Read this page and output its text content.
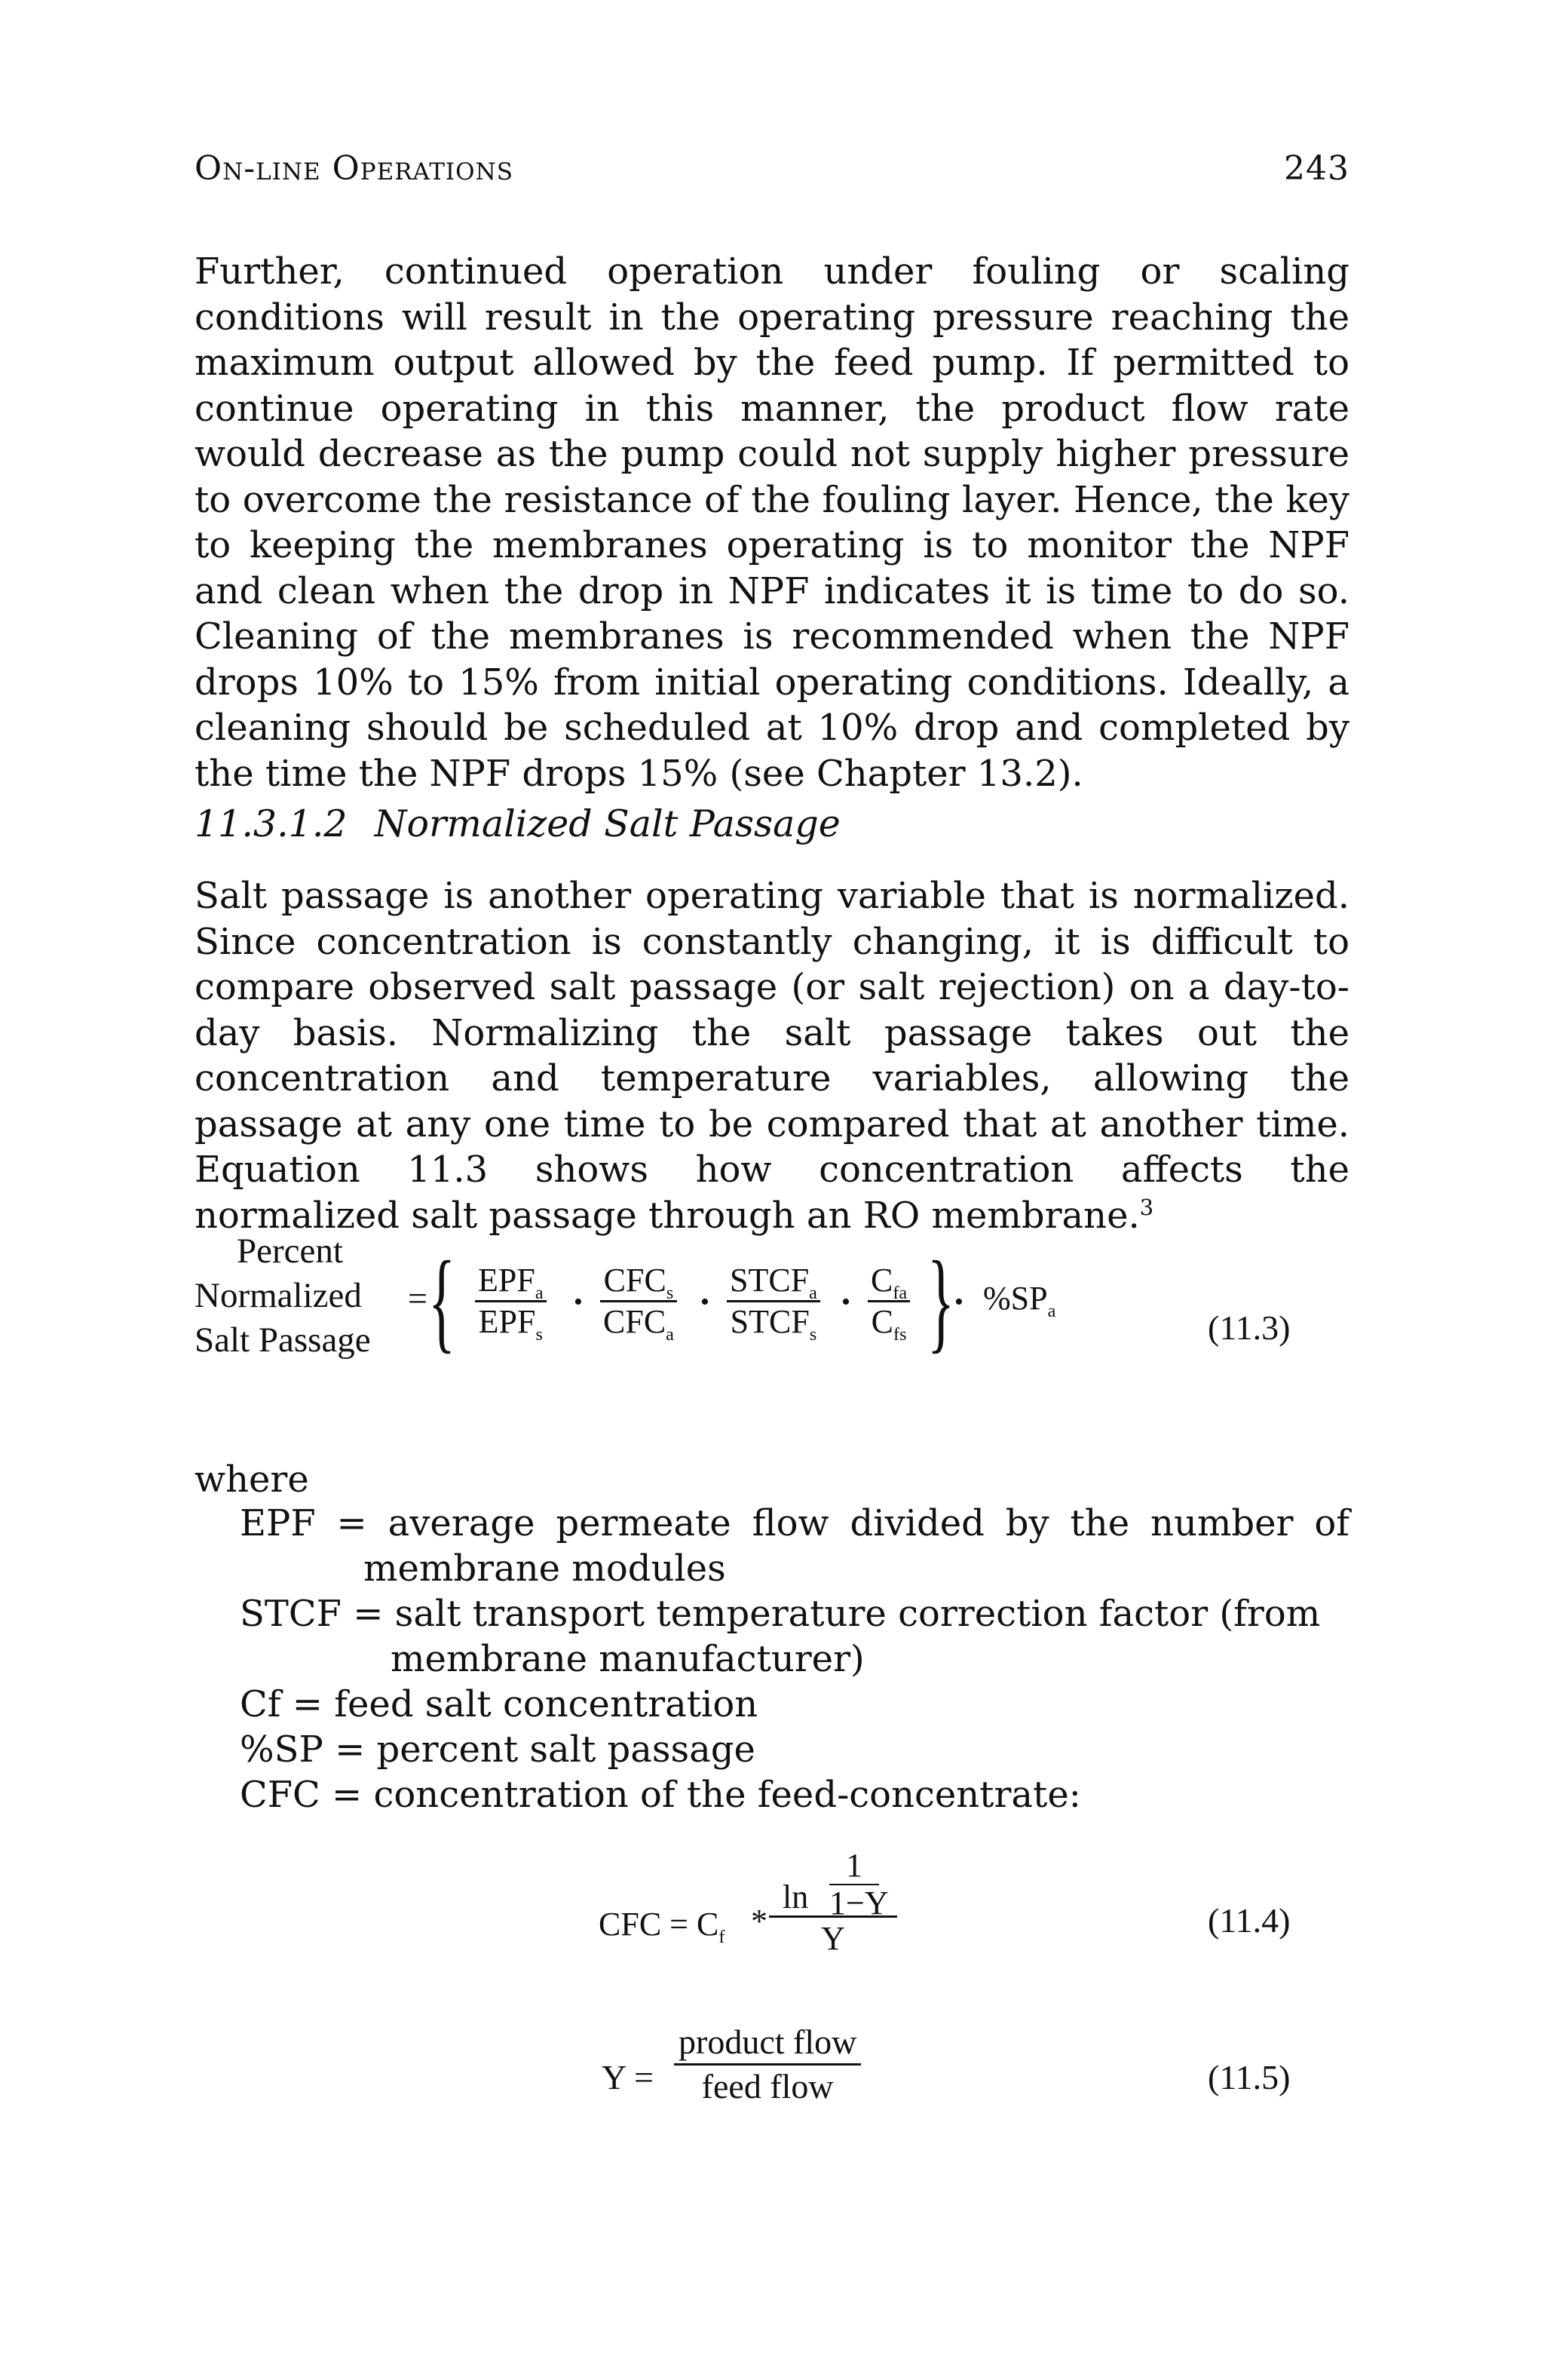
On-line Operations	243

Further, continued operation under fouling or scaling conditions will result in the operating pressure reaching the maximum output allowed by the feed pump. If permitted to continue operating in this manner, the product flow rate would decrease as the pump could not supply higher pressure to overcome the resistance of the fouling layer. Hence, the key to keeping the membranes operating is to monitor the NPF and clean when the drop in NPF indicates it is time to do so. Cleaning of the membranes is recommended when the NPF drops 10% to 15% from initial operating conditions. Ideally, a cleaning should be scheduled at 10% drop and completed by the time the NPF drops 15% (see Chapter 13.2).

11.3.1.2 Normalized Salt Passage

Salt passage is another operating variable that is normalized. Since concentration is constantly changing, it is difficult to compare observed salt passage (or salt rejection) on a day-to-day basis. Normalizing the salt passage takes out the concentration and temperature variables, allowing the passage at any one time to be compared that at another time. Equation 11.3 shows how concentration affects the normalized salt passage through an RO membrane.$^3$

Percent
Normalized
Salt Passage
= { $EPF_a$
$EPF_s$
•
$CFC_s$
$CFC_a$
•
$STCF_a$
$STCF_s$
•
$C_{fa}$
$C_{fs}$ } • $\%SP_a$	(11.3)
where
EPF = average permeate flow divided by the number of
membrane modules
STCF = salt transport temperature correction factor (from
membrane manufacturer)
Cf = feed salt concentration
%SP = percent salt passage
CFC = concentration of the feed-concentrate:
CFC = $C_f$ *
$\ln \frac{1}{1-Y}$
Y	(11.4)
Y =
product flow
feed flow	(11.5)
